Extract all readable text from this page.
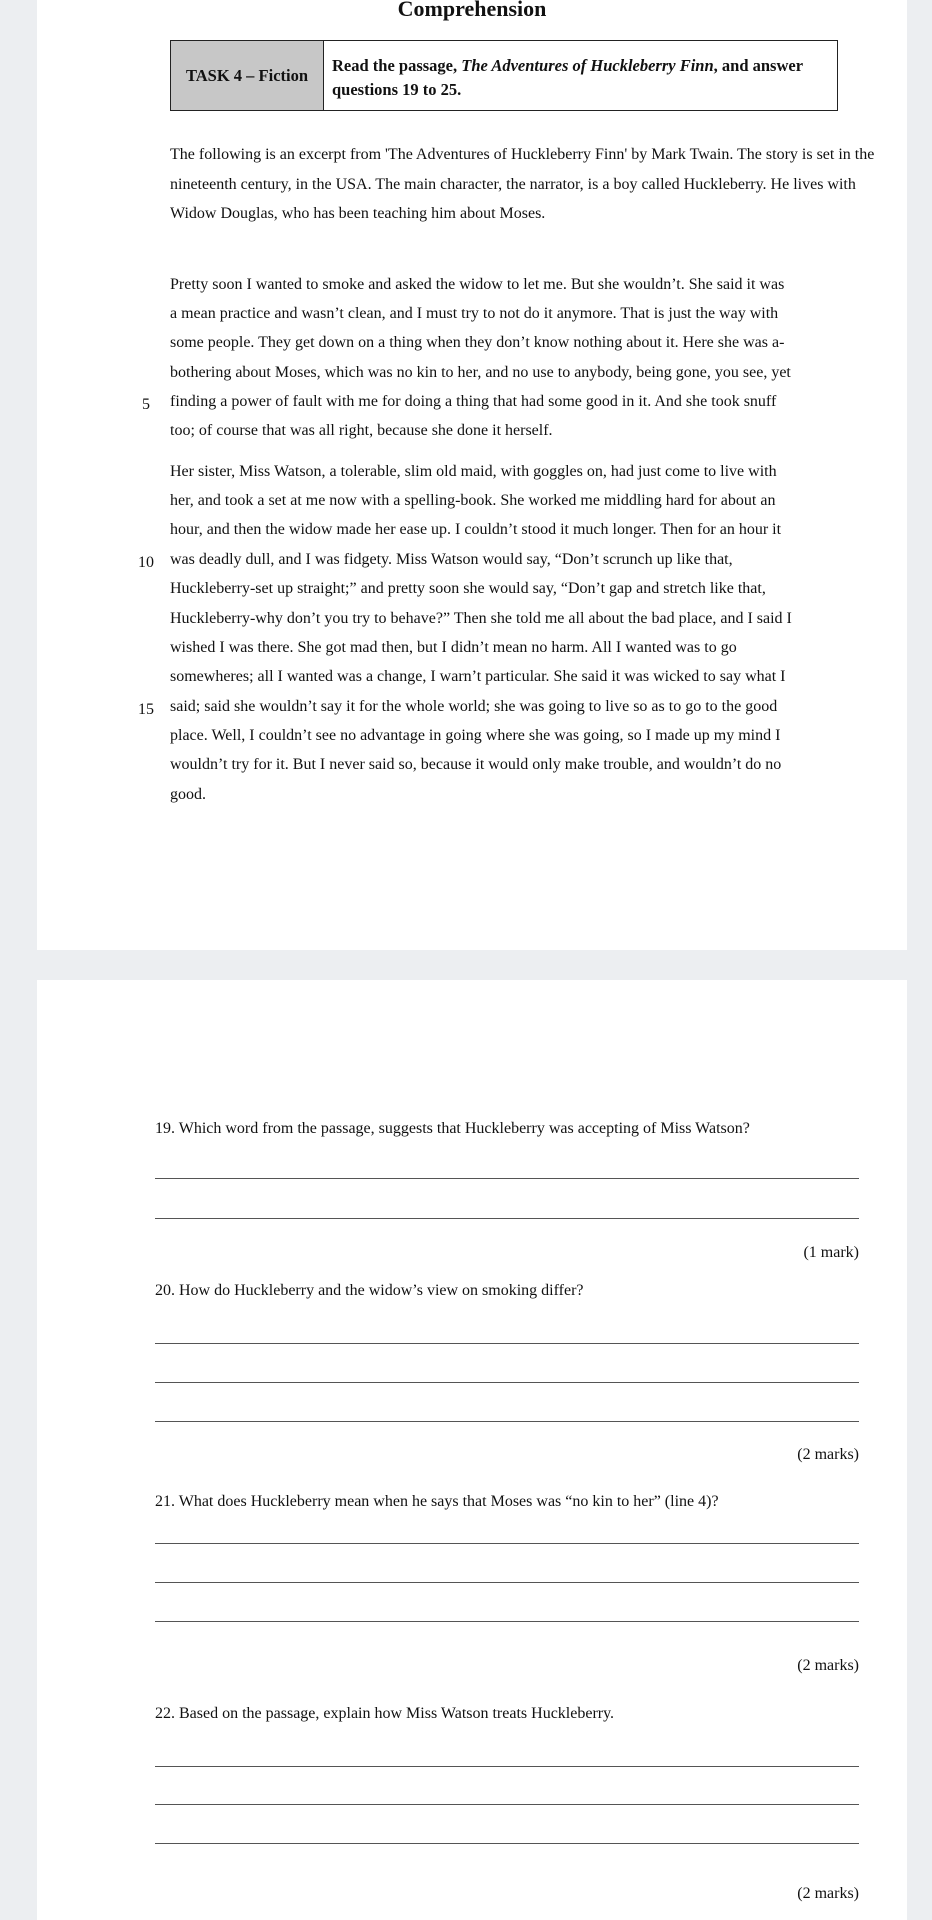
Comprehension
TASK 4 – Fiction	Read the passage, The Adventures of Huckleberry Finn, and answer questions 19 to 25.
The following is an excerpt from 'The Adventures of Huckleberry Finn' by Mark Twain. The story is set in the nineteenth century, in the USA. The main character, the narrator, is a boy called Huckleberry. He lives with Widow Douglas, who has been teaching him about Moses.
Pretty soon I wanted to smoke and asked the widow to let me. But she wouldn’t. She said it was
a mean practice and wasn’t clean, and I must try to not do it anymore. That is just the way with
some people. They get down on a thing when they don’t know nothing about it. Here she was a-
bothering about Moses, which was no kin to her, and no use to anybody, being gone, you see, yet
finding a power of fault with me for doing a thing that had some good in it. And she took snuff
too; of course that was all right, because she done it herself.
Her sister, Miss Watson, a tolerable, slim old maid, with goggles on, had just come to live with
her, and took a set at me now with a spelling-book. She worked me middling hard for about an
hour, and then the widow made her ease up. I couldn’t stood it much longer. Then for an hour it
was deadly dull, and I was fidgety. Miss Watson would say, “Don’t scrunch up like that,
Huckleberry-set up straight;” and pretty soon she would say, “Don’t gap and stretch like that,
Huckleberry-why don’t you try to behave?” Then she told me all about the bad place, and I said I
wished I was there. She got mad then, but I didn’t mean no harm. All I wanted was to go
somewheres; all I wanted was a change, I warn’t particular. She said it was wicked to say what I
said; said she wouldn’t say it for the whole world; she was going to live so as to go to the good
place. Well, I couldn’t see no advantage in going where she was going, so I made up my mind I
wouldn’t try for it. But I never said so, because it would only make trouble, and wouldn’t do no
good.
5
10
15
19. Which word from the passage, suggests that Huckleberry was accepting of Miss Watson?
(1 mark)
20. How do Huckleberry and the widow’s view on smoking differ?
(2 marks)
21. What does Huckleberry mean when he says that Moses was “no kin to her” (line 4)?
(2 marks)
22. Based on the passage, explain how Miss Watson treats Huckleberry.
(2 marks)
